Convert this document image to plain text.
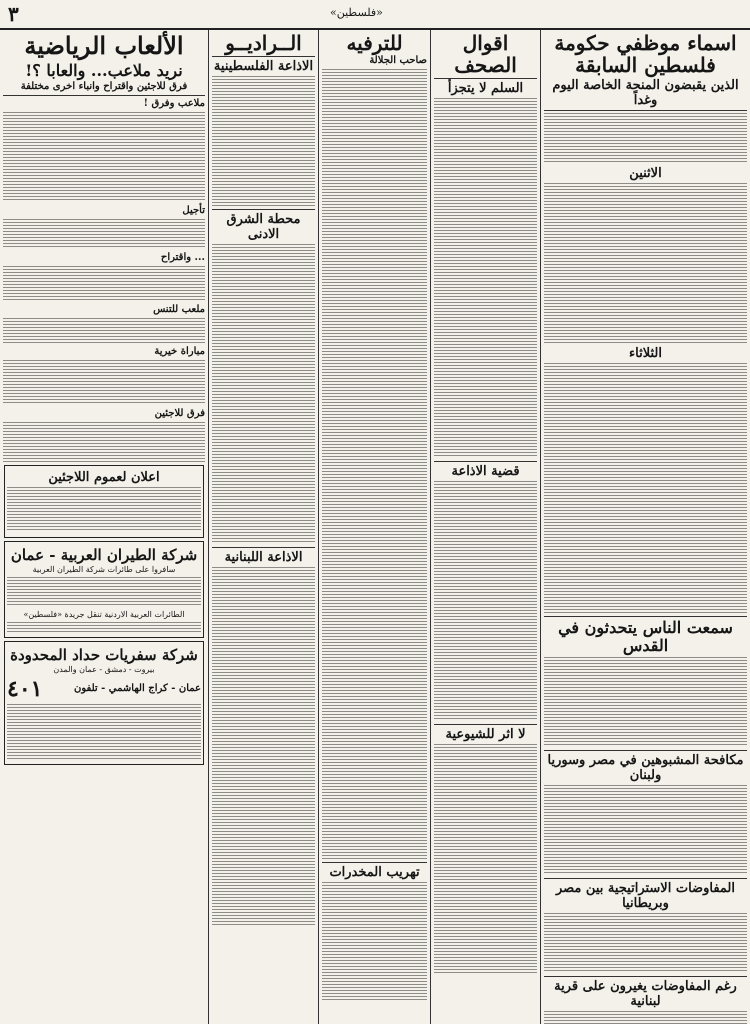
٣	«فلسطين»
اسماء موظفي حكومة فلسطين السابقة
الذين يقبضون المنحة الخاصة اليوم وغداً
الاثنين
الثلاثاء
سمعت الناس يتحدثون في القدس
مكافحة المشبوهين في مصر وسوريا ولبنان
المفاوضات الاستراتيجية بين مصر وبريطانيا
رغم المفاوضات يغيرون على قرية لبنانية
اقوال الصحف
السلم لا يتجزأ
قضية الاذاعة
لا اثر للشيوعية
للترفيه
صاحب الجلالة
تهريب المخدرات
الــراديــو
الاذاعة الفلسطينية
محطة الشرق الادنى
الاذاعة اللبنانية
الألعاب الرياضية
نريد ملاعب... والعابا ؟!
فرق للاجئين واقتراح وانباء اخرى مختلفة
ملاعب وفرق !
تأجيل
... واقتراح
ملعب للتنس
مباراة خيرية
فرق للاجئين
اعلان لعموم اللاجئين
شركة الطيران العربية - عمان
سافروا على طائرات شركة الطيران العربية
الطائرات العربية الاردنية تنقل جريدة «فلسطين»
شركة سفريات حداد المحدودة
بيروت - دمشق - عمان والمدن
عمان - كراج الهاشمي - تلفون
٤٠١
